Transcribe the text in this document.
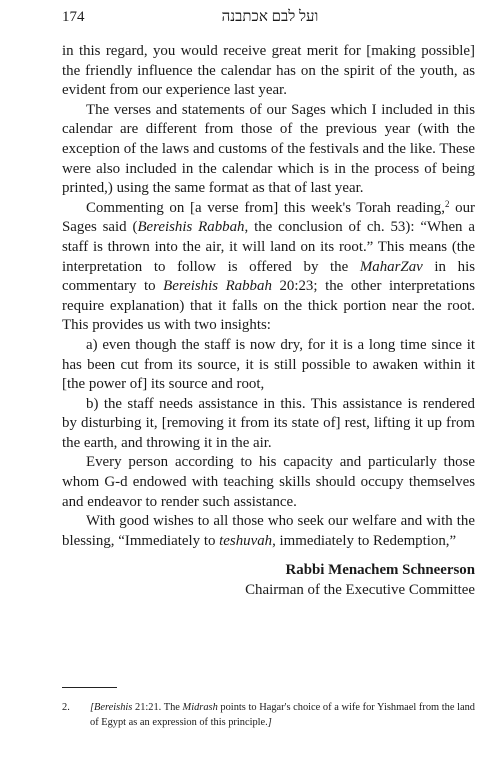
174	ועל לבם אכתבנה

in this regard, you would receive great merit for [making possible] the friendly influence the calendar has on the spirit of the youth, as evident from our experience last year.

The verses and statements of our Sages which I included in this calendar are different from those of the previous year (with the exception of the laws and customs of the festivals and the like. These were also included in the calendar which is in the process of being printed,) using the same format as that of last year.

Commenting on [a verse from] this week's Torah reading,$^2$ our Sages said (Bereishis Rabbah, the conclusion of ch. 53): “When a staff is thrown into the air, it will land on its root.” This means (the interpretation to follow is offered by the MaharZav in his commentary to Bereishis Rabbah 20:23; the other interpretations require explanation) that it falls on the thick portion near the root. This provides us with two insights:

a) even though the staff is now dry, for it is a long time since it has been cut from its source, it is still possible to awaken within it [the power of] its source and root,

b) the staff needs assistance in this. This assistance is rendered by disturbing it, [removing it from its state of] rest, lifting it up from the earth, and throwing it in the air.

Every person according to his capacity and particularly those whom G-d endowed with teaching skills should occupy themselves and endeavor to render such assistance.

With good wishes to all those who seek our welfare and with the blessing, “Immediately to teshuvah, immediately to Redemption,”

Rabbi Menachem Schneerson
Chairman of the Executive Committee
2. [Bereishis 21:21. The Midrash points to Hagar's choice of a wife for Yishmael from the land of Egypt as an expression of this principle.]
